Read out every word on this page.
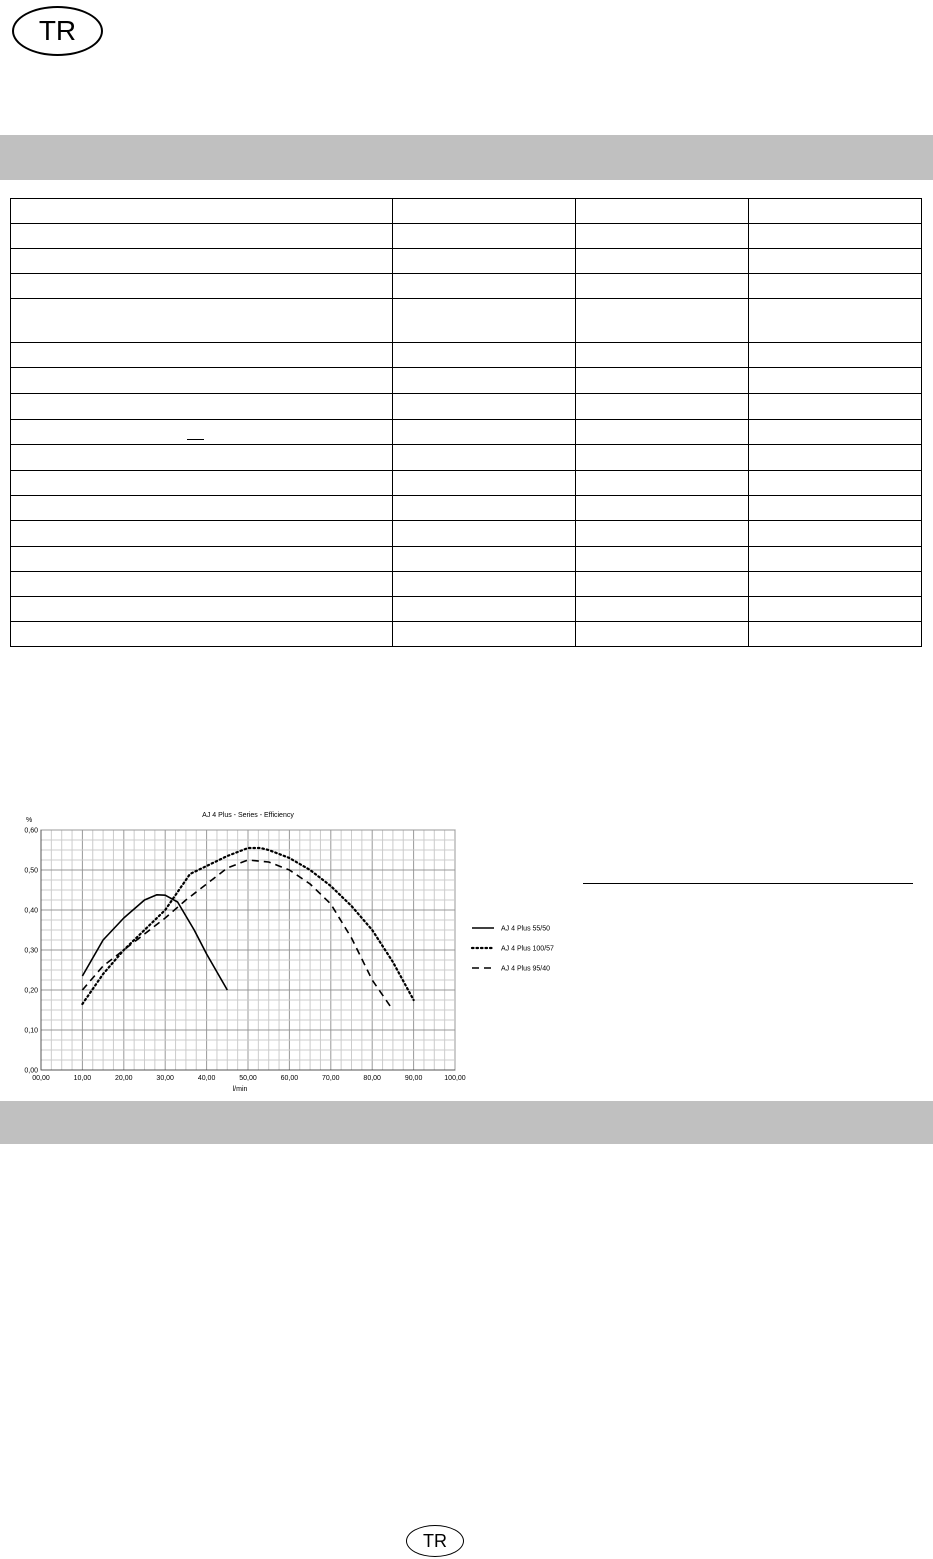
TR

00,00	10,00	20,00	30,00	40,00	50,00	60,00	70,00	80,00	90,00	100,00
0,00
0,10
0,20
0,30
0,40
0,50
0,60
AJ 4 Plus - Series - Efficiency
%
l/min
AJ 4 Plus 55/50
AJ 4 Plus 100/57
AJ 4 Plus 95/40
TR
